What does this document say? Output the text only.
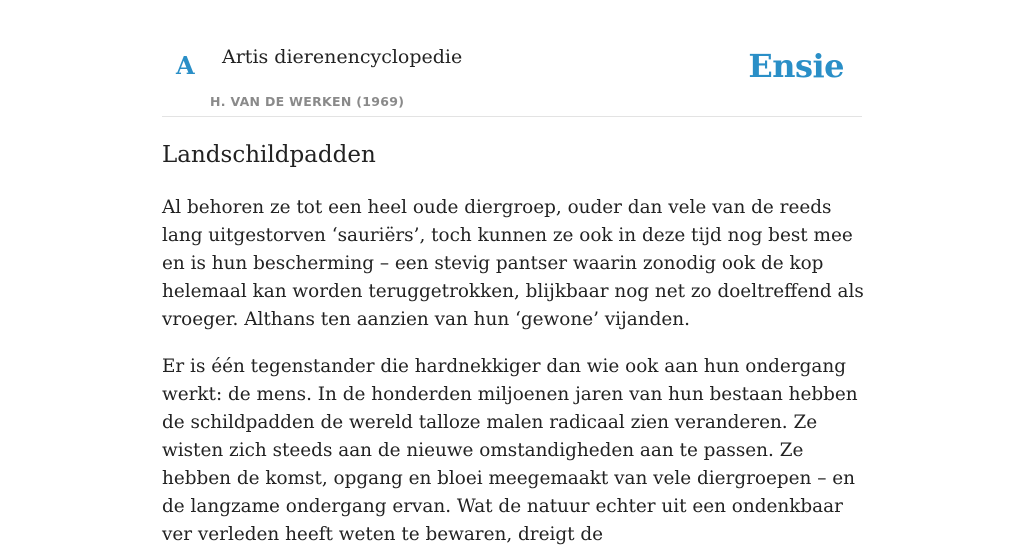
A Artis dierenencyclopedie
H. VAN DE WERKEN (1969)
Ensie
Landschildpadden

Al behoren ze tot een heel oude diergroep, ouder dan vele van de reeds lang uitgestorven ‘sauriërs’, toch kunnen ze ook in deze tijd nog best mee en is hun bescherming – een stevig pantser waarin zonodig ook de kop helemaal kan worden teruggetrokken, blijkbaar nog net zo doeltreffend als vroeger. Althans ten aanzien van hun ‘gewone’ vijanden.

Er is één tegenstander die hardnekkiger dan wie ook aan hun ondergang werkt: de mens. In de honderden miljoenen jaren van hun bestaan hebben de schildpadden de wereld talloze malen radicaal zien veranderen. Ze wisten zich steeds aan de nieuwe omstandigheden aan te passen. Ze hebben de komst, opgang en bloei meegemaakt van vele diergroepen – en de langzame ondergang ervan. Wat de natuur echter uit een ondenkbaar ver verleden heeft weten te bewaren, dreigt de
